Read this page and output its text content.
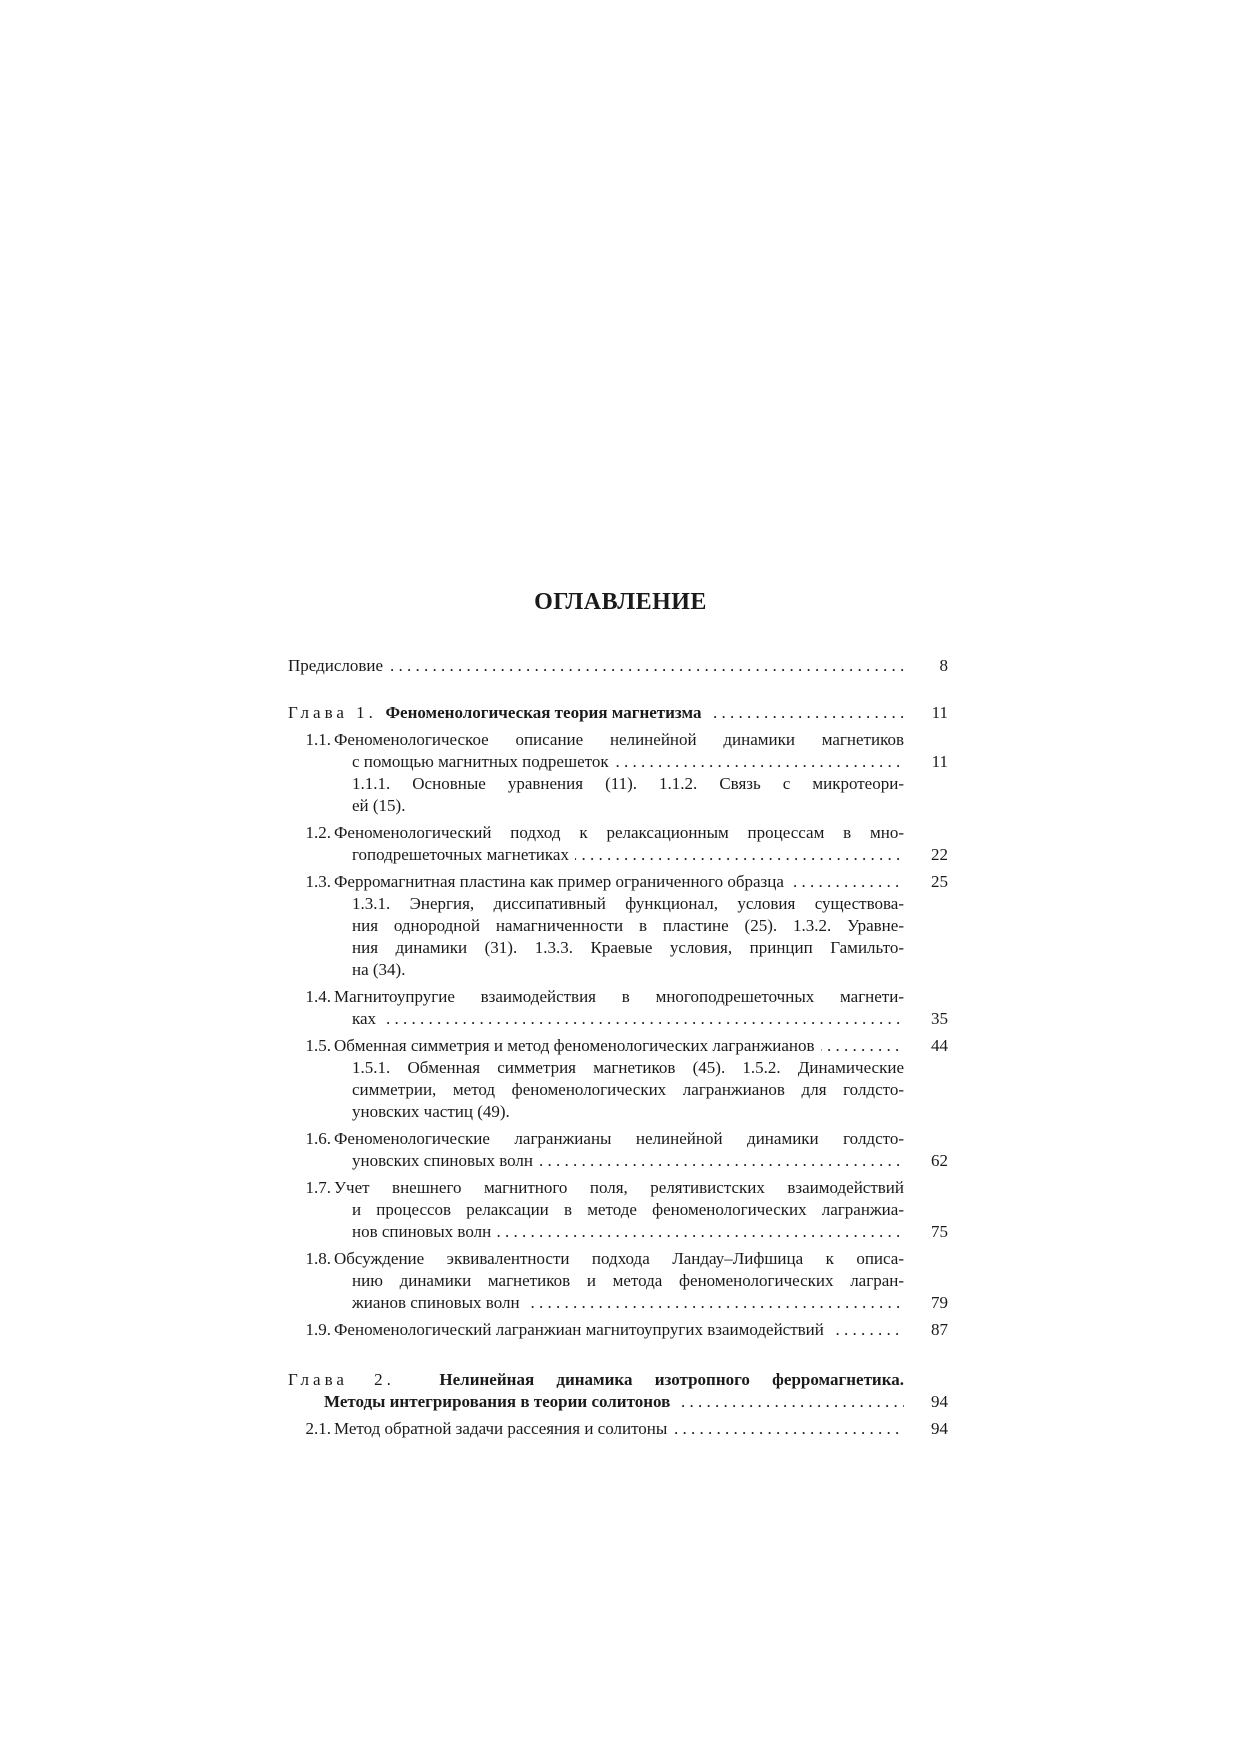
ОГЛАВЛЕНИЕ
Предисловие . . .	8
Глава 1. Феноменологическая теория магнетизма . . .	11
1.1. Феноменологическое описание нелинейной динамики магнетиков
с помощью магнитных подрешеток . . .	11
1.1.1. Основные уравнения (11). 1.1.2. Связь с микротеори-
ей (15).
1.2. Феноменологический подход к релаксационным процессам в мно-
гоподрешеточных магнетиках . . .	22
1.3. Ферромагнитная пластина как пример ограниченного образца . . .	25
1.3.1. Энергия, диссипативный функционал, условия существова-
ния однородной намагниченности в пластине (25). 1.3.2. Уравне-
ния динамики (31). 1.3.3. Краевые условия, принцип Гамильто-
на (34).
1.4. Магнитоупругие взаимодействия в многоподрешеточных магнети-
ках . . .	35
1.5. Обменная симметрия и метод феноменологических лагранжианов . . .	44
1.5.1. Обменная симметрия магнетиков (45). 1.5.2. Динамические
симметрии, метод феноменологических лагранжианов для голдсто-
уновских частиц (49).
1.6. Феноменологические лагранжианы нелинейной динамики голдсто-
уновских спиновых волн . . .	62
1.7. Учет внешнего магнитного поля, релятивистских взаимодействий
и процессов релаксации в методе феноменологических лагранжиа-
нов спиновых волн . . .	75
1.8. Обсуждение эквивалентности подхода Ландау–Лифшица к описа-
нию динамики магнетиков и метода феноменологических лагран-
жианов спиновых волн . . .	79
1.9. Феноменологический лагранжиан магнитоупругих взаимодействий . . .	87
Глава 2.	Нелинейная динамика изотропного ферромагнетика.
Методы интегрирования в теории солитонов . . .	94
2.1. Метод обратной задачи рассеяния и солитоны . . .	94
